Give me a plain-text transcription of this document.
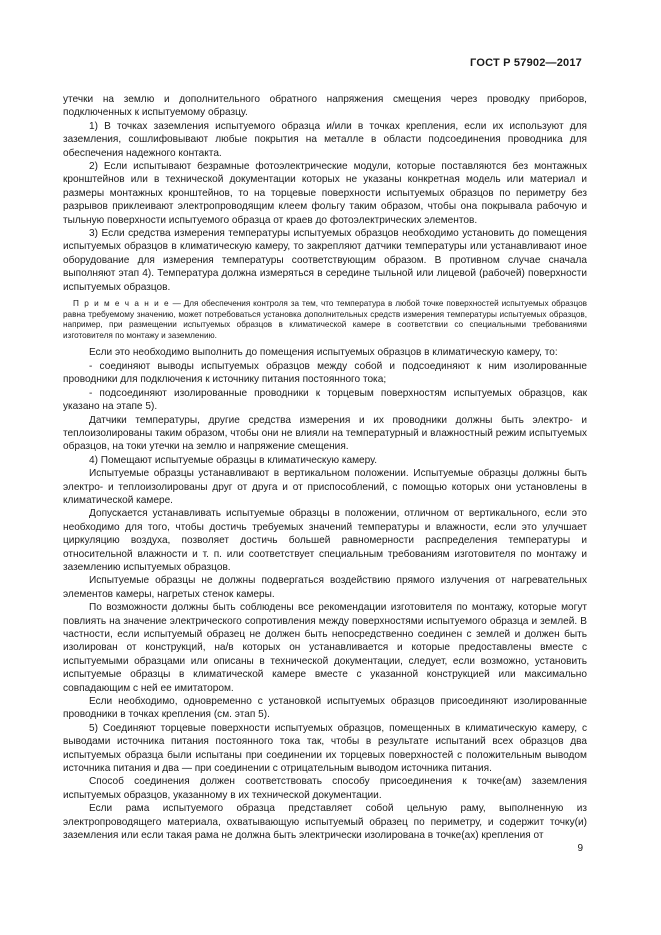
ГОСТ Р 57902—2017

утечки на землю и дополнительного обратного напряжения смещения через проводку приборов, подключенных к испытуемому образцу.

1) В точках заземления испытуемого образца и/или в точках крепления, если их используют для заземления, сошлифовывают любые покрытия на металле в области подсоединения проводника для обеспечения надежного контакта.

2) Если испытывают безрамные фотоэлектрические модули, которые поставляются без монтажных кронштейнов или в технической документации которых не указаны конкретная модель или материал и размеры монтажных кронштейнов, то на торцевые поверхности испытуемых образцов по периметру без разрывов приклеивают электропроводящим клеем фольгу таким образом, чтобы она покрывала рабочую и тыльную поверхности испытуемого образца от краев до фотоэлектрических элементов.

3) Если средства измерения температуры испытуемых образцов необходимо установить до помещения испытуемых образцов в климатическую камеру, то закрепляют датчики температуры или устанавливают иное оборудование для измерения температуры соответствующим образом. В противном случае сначала выполняют этап 4). Температура должна измеряться в середине тыльной или лицевой (рабочей) поверхности испытуемых образцов.

П р и м е ч а н и е — Для обеспечения контроля за тем, что температура в любой точке поверхностей испытуемых образцов равна требуемому значению, может потребоваться установка дополнительных средств измерения температуры испытуемых образцов, например, при размещении испытуемых образцов в климатической камере в соответствии со специальными требованиями изготовителя по монтажу и заземлению.

Если это необходимо выполнить до помещения испытуемых образцов в климатическую камеру, то:

- соединяют выводы испытуемых образцов между собой и подсоединяют к ним изолированные проводники для подключения к источнику питания постоянного тока;

- подсоединяют изолированные проводники к торцевым поверхностям испытуемых образцов, как указано на этапе 5).

Датчики температуры, другие средства измерения и их проводники должны быть электро- и теплоизолированы таким образом, чтобы они не влияли на температурный и влажностный режим испытуемых образцов, на токи утечки на землю и напряжение смещения.

4) Помещают испытуемые образцы в климатическую камеру.

Испытуемые образцы устанавливают в вертикальном положении. Испытуемые образцы должны быть электро- и теплоизолированы друг от друга и от приспособлений, с помощью которых они установлены в климатической камере.

Допускается устанавливать испытуемые образцы в положении, отличном от вертикального, если это необходимо для того, чтобы достичь требуемых значений температуры и влажности, если это улучшает циркуляцию воздуха, позволяет достичь большей равномерности распределения температуры и относительной влажности и т. п. или соответствует специальным требованиям изготовителя по монтажу и заземлению испытуемых образцов.

Испытуемые образцы не должны подвергаться воздействию прямого излучения от нагревательных элементов камеры, нагретых стенок камеры.

По возможности должны быть соблюдены все рекомендации изготовителя по монтажу, которые могут повлиять на значение электрического сопротивления между поверхностями испытуемого образца и землей. В частности, если испытуемый образец не должен быть непосредственно соединен с землей и должен быть изолирован от конструкций, на/в которых он устанавливается и которые предоставлены вместе с испытуемыми образцами или описаны в технической документации, следует, если возможно, установить испытуемые образцы в климатической камере вместе с указанной конструкцией или максимально совпадающим с ней ее имитатором.

Если необходимо, одновременно с установкой испытуемых образцов присоединяют изолированные проводники в точках крепления (см. этап 5).

5) Соединяют торцевые поверхности испытуемых образцов, помещенных в климатическую камеру, с выводами источника питания постоянного тока так, чтобы в результате испытаний всех образцов два испытуемых образца были испытаны при соединении их торцевых поверхностей с положительным выводом источника питания и два — при соединении с отрицательным выводом источника питания.

Способ соединения должен соответствовать способу присоединения к точке(ам) заземления испытуемых образцов, указанному в их технической документации.

Если рама испытуемого образца представляет собой цельную раму, выполненную из электропроводящего материала, охватывающую испытуемый образец по периметру, и содержит точку(и) заземления или если такая рама не должна быть электрически изолирована в точке(ах) крепления от

9
